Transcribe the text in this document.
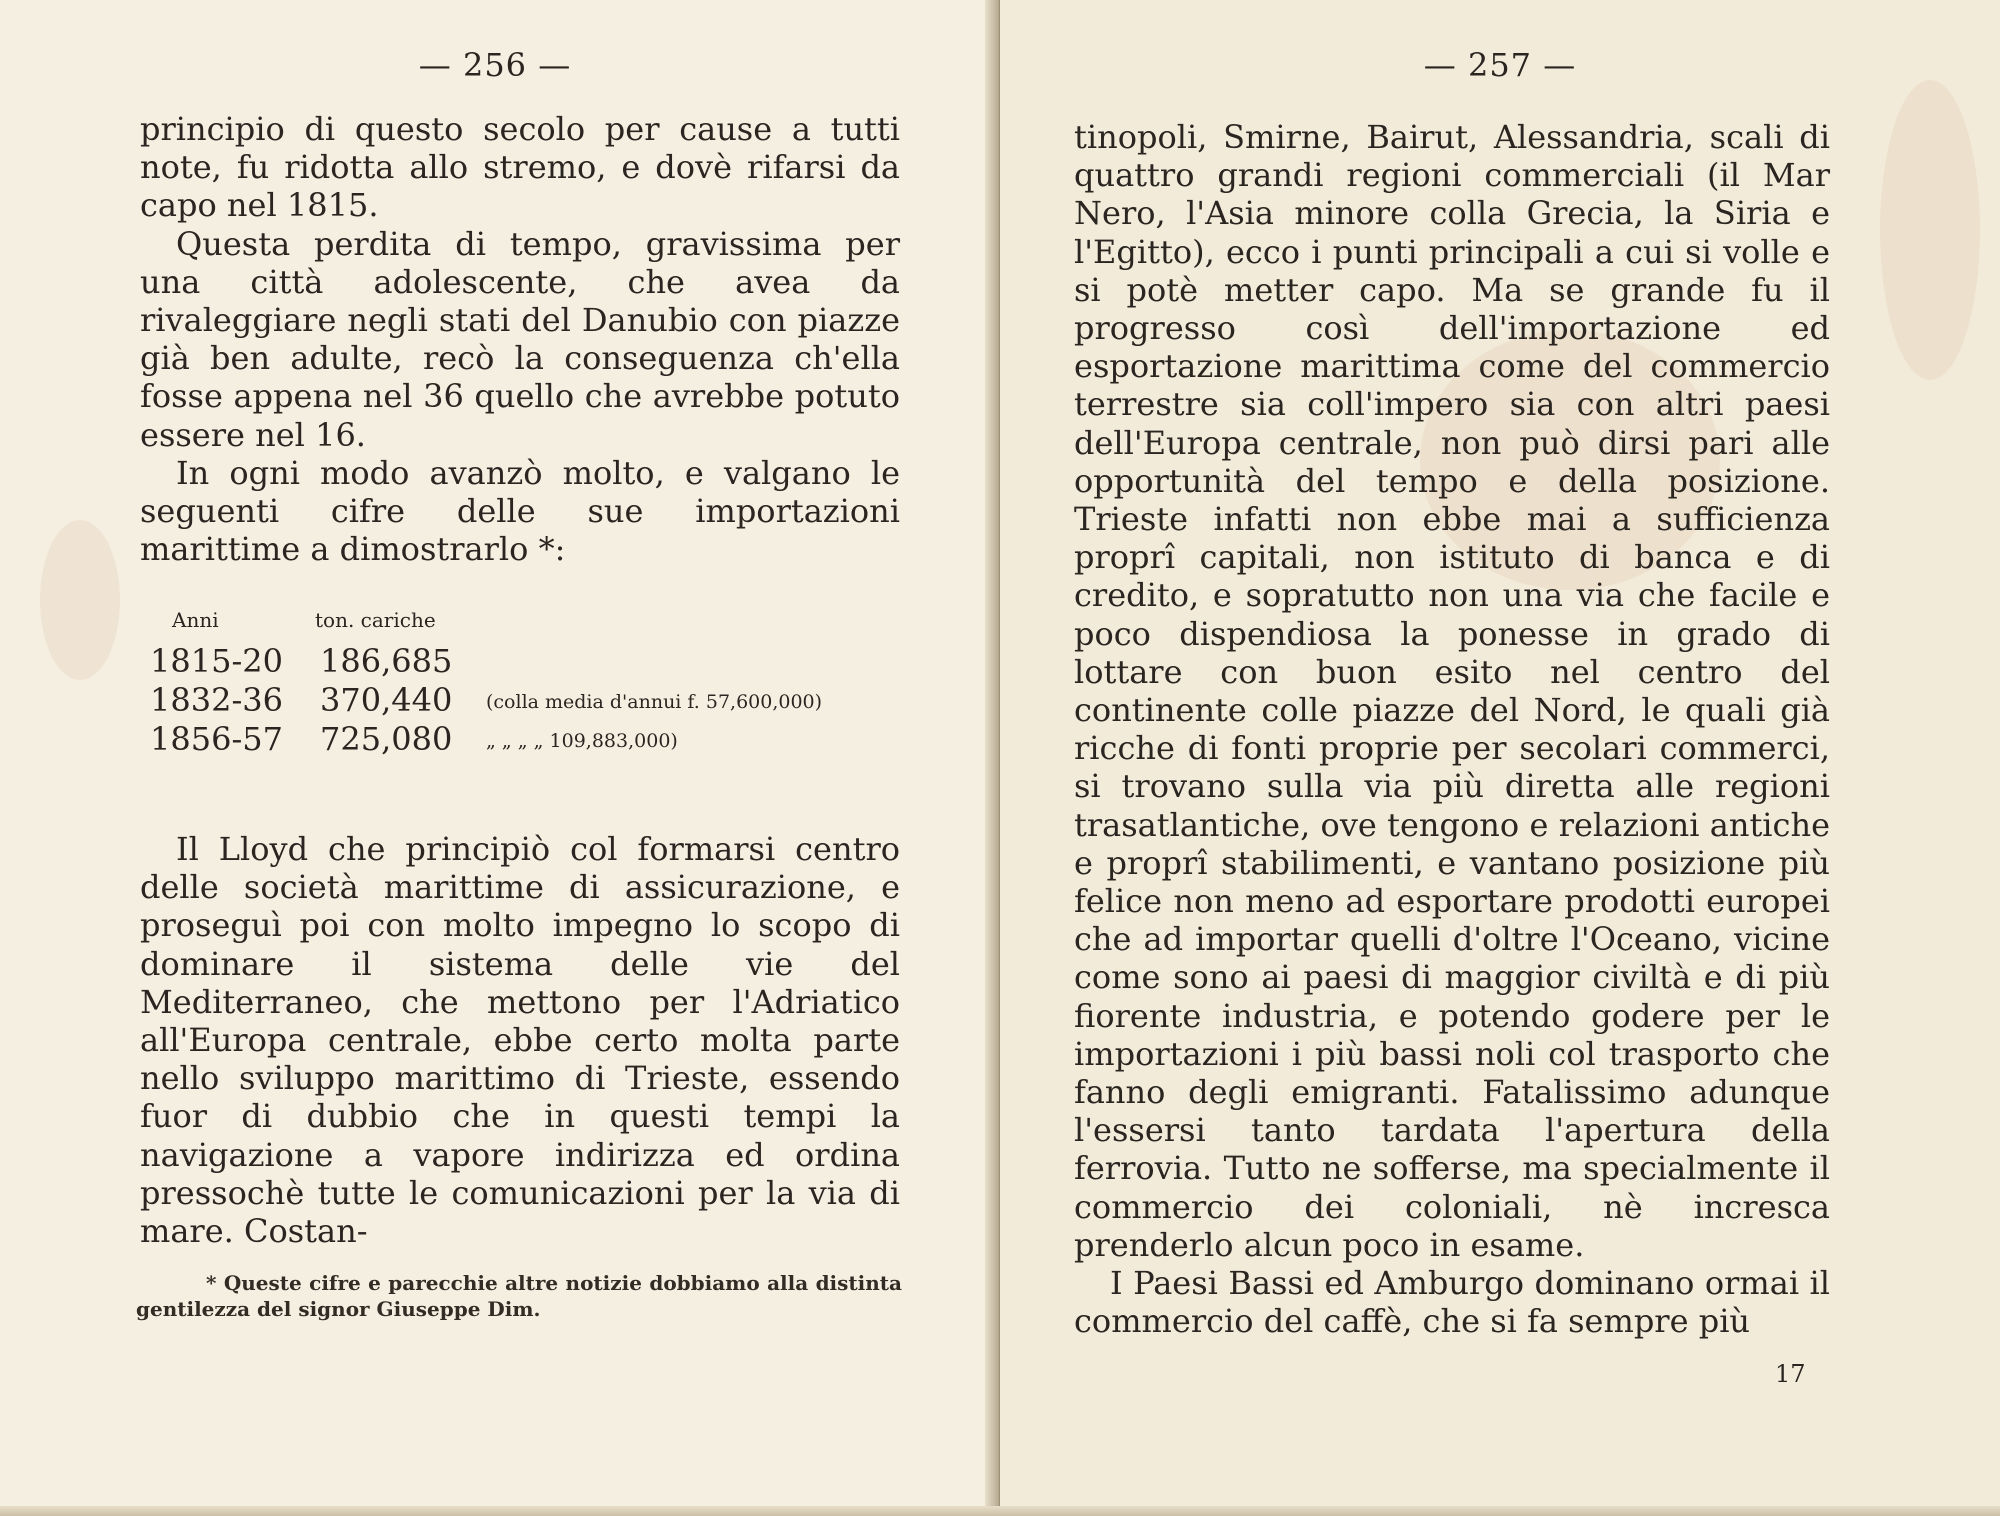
— 256 —

principio di questo secolo per cause a tutti note, fu ridotta allo stremo, e dovè rifarsi da capo nel 1815.

Questa perdita di tempo, gravissima per una città adolescente, che avea da rivaleggiare negli stati del Danubio con piazze già ben adulte, recò la conseguenza ch'ella fosse appena nel 36 quello che avrebbe potuto essere nel 16.

In ogni modo avanzò molto, e valgano le seguenti cifre delle sue importazioni marittime a dimostrarlo *:

Anni	ton. cariche
1815-20 186,685
1832-36 370,440 (colla media d'annui f. 57,600,000)
1856-57 725,080 „ „ „ „ 109,883,000)

Il Lloyd che principiò col formarsi centro delle società marittime di assicurazione, e proseguì poi con molto impegno lo scopo di dominare il sistema delle vie del Mediterraneo, che mettono per l'Adriatico all'Europa centrale, ebbe certo molta parte nello sviluppo marittimo di Trieste, essendo fuor di dubbio che in questi tempi la navigazione a vapore indirizza ed ordina pressochè tutte le comunicazioni per la via di mare. Costan-

* Queste cifre e parecchie altre notizie dobbiamo alla distinta gentilezza del signor Giuseppe Dim.

— 257 —

tinopoli, Smirne, Bairut, Alessandria, scali di quattro grandi regioni commerciali (il Mar Nero, l'Asia minore colla Grecia, la Siria e l'Egitto), ecco i punti principali a cui si volle e si potè metter capo. Ma se grande fu il progresso così dell'importazione ed esportazione marittima come del commercio terrestre sia coll'impero sia con altri paesi dell'Europa centrale, non può dirsi pari alle opportunità del tempo e della posizione. Trieste infatti non ebbe mai a sufficienza proprî capitali, non istituto di banca e di credito, e sopratutto non una via che facile e poco dispendiosa la ponesse in grado di lottare con buon esito nel centro del continente colle piazze del Nord, le quali già ricche di fonti proprie per secolari commerci, si trovano sulla via più diretta alle regioni trasatlantiche, ove tengono e relazioni antiche e proprî stabilimenti, e vantano posizione più felice non meno ad esportare prodotti europei che ad importar quelli d'oltre l'Oceano, vicine come sono ai paesi di maggior civiltà e di più fiorente industria, e potendo godere per le importazioni i più bassi noli col trasporto che fanno degli emigranti. Fatalissimo adunque l'essersi tanto tardata l'apertura della ferrovia. Tutto ne sofferse, ma specialmente il commercio dei coloniali, nè incresca prenderlo alcun poco in esame.

I Paesi Bassi ed Amburgo dominano ormai il commercio del caffè, che si fa sempre più

17
